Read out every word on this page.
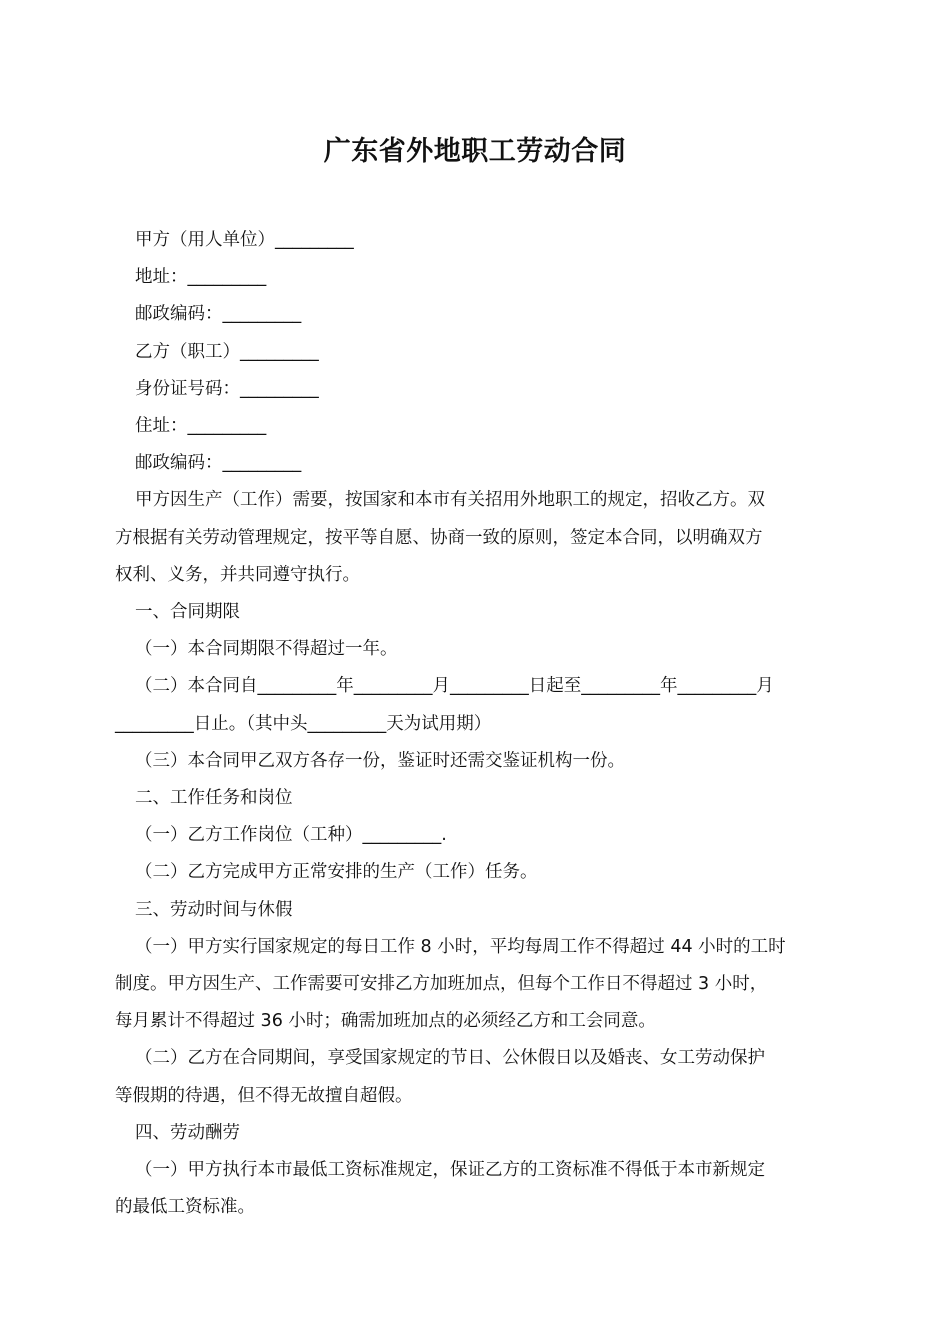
广东省外地职工劳动合同

甲方（用人单位）_________

地址：_________

邮政编码：_________

乙方（职工）_________

身份证号码：_________

住址：_________

邮政编码：_________

甲方因生产（工作）需要，按国家和本市有关招用外地职工的规定，招收乙方。双

方根据有关劳动管理规定，按平等自愿、协商一致的原则，签定本合同，以明确双方

权利、义务，并共同遵守执行。

一、合同期限

（一）本合同期限不得超过一年。

（二）本合同自_________年_________月_________日起至_________年_________月

_________日止。（其中头_________天为试用期）

（三）本合同甲乙双方各存一份，鉴证时还需交鉴证机构一份。

二、工作任务和岗位

（一）乙方工作岗位（工种）_________.

（二）乙方完成甲方正常安排的生产（工作）任务。

三、劳动时间与休假

（一）甲方实行国家规定的每日工作 8 小时，平均每周工作不得超过 44 小时的工时

制度。甲方因生产、工作需要可安排乙方加班加点，但每个工作日不得超过 3 小时，

每月累计不得超过 36 小时；确需加班加点的必须经乙方和工会同意。

（二）乙方在合同期间，享受国家规定的节日、公休假日以及婚丧、女工劳动保护

等假期的待遇，但不得无故擅自超假。

四、劳动酬劳

（一）甲方执行本市最低工资标准规定，保证乙方的工资标准不得低于本市新规定

的最低工资标准。
